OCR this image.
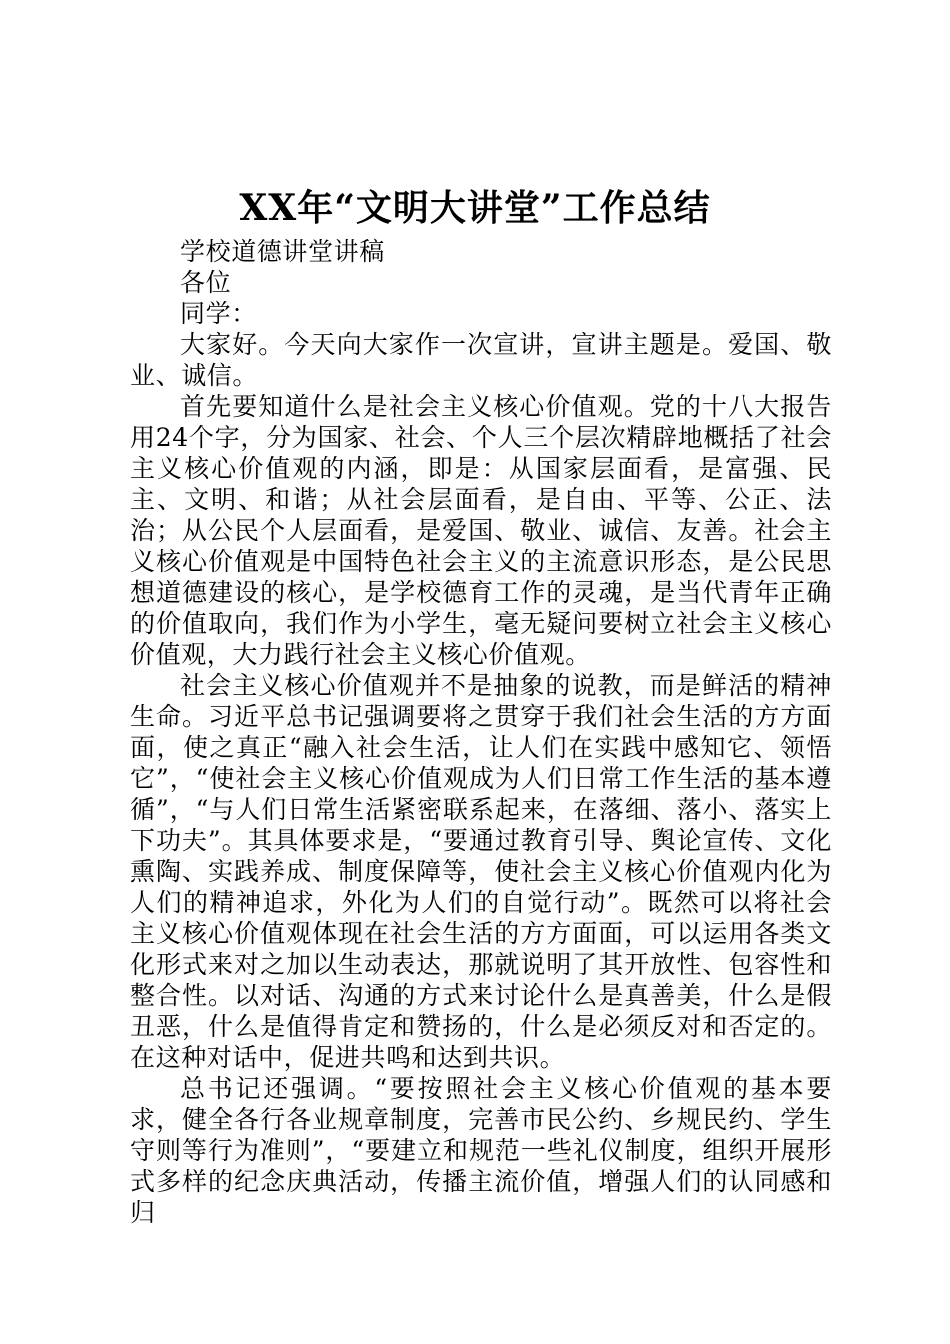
XX年“文明大讲堂”工作总结

学校道德讲堂讲稿

各位

同学：

大家好。今天向大家作一次宣讲，宣讲主题是。爱国、敬业、诚信。

首先要知道什么是社会主义核心价值观。党的十八大报告用24个字，分为国家、社会、个人三个层次精辟地概括了社会主义核心价值观的内涵，即是：从国家层面看，是富强、民主、文明、和谐；从社会层面看，是自由、平等、公正、法治；从公民个人层面看，是爱国、敬业、诚信、友善。社会主义核心价值观是中国特色社会主义的主流意识形态，是公民思想道德建设的核心，是学校德育工作的灵魂，是当代青年正确的价值取向，我们作为小学生，毫无疑问要树立社会主义核心价值观，大力践行社会主义核心价值观。

社会主义核心价值观并不是抽象的说教，而是鲜活的精神生命。习近平总书记强调要将之贯穿于我们社会生活的方方面面，使之真正“融入社会生活，让人们在实践中感知它、领悟它”，“使社会主义核心价值观成为人们日常工作生活的基本遵循”，“与人们日常生活紧密联系起来，在落细、落小、落实上下功夫”。其具体要求是，“要通过教育引导、舆论宣传、文化熏陶、实践养成、制度保障等，使社会主义核心价值观内化为人们的精神追求，外化为人们的自觉行动”。既然可以将社会主义核心价值观体现在社会生活的方方面面，可以运用各类文化形式来对之加以生动表达，那就说明了其开放性、包容性和整合性。以对话、沟通的方式来讨论什么是真善美，什么是假丑恶，什么是值得肯定和赞扬的，什么是必须反对和否定的。在这种对话中，促进共鸣和达到共识。

总书记还强调。“要按照社会主义核心价值观的基本要求，健全各行各业规章制度，完善市民公约、乡规民约、学生守则等行为准则”，“要建立和规范一些礼仪制度，组织开展形式多样的纪念庆典活动，传播主流价值，增强人们的认同感和归
